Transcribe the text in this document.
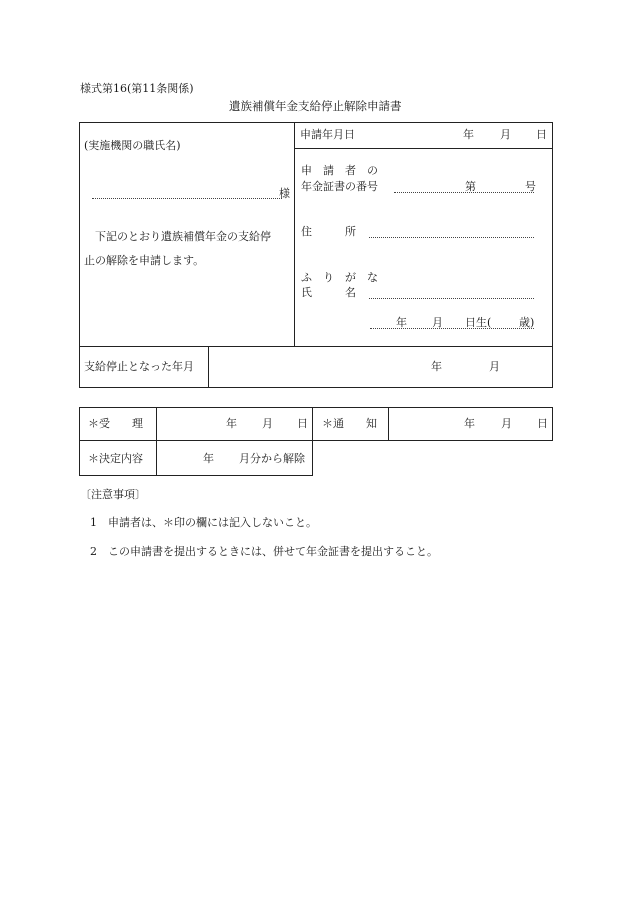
様式第16(第11条関係)
遺族補償年金支給停止解除申請書
(実施機関の職氏名)
様
下記のとおり遺族補償年金の支給停
止の解除を申請します。
申請年月日	年 月 日
申　請　者　の
年金証書の番号	第	号
住　　　所
ふ　り　が　な
氏　　　名
年 月 日生(	歳)
支給停止となった年月	年	月
＊受　　理	年 月 日 ＊通　　知	年 月 日
＊決定内容	年 月分から解除
〔注意事項〕
1 申請者は、＊印の欄には記入しないこと。
2 この申請書を提出するときには、併せて年金証書を提出すること。
